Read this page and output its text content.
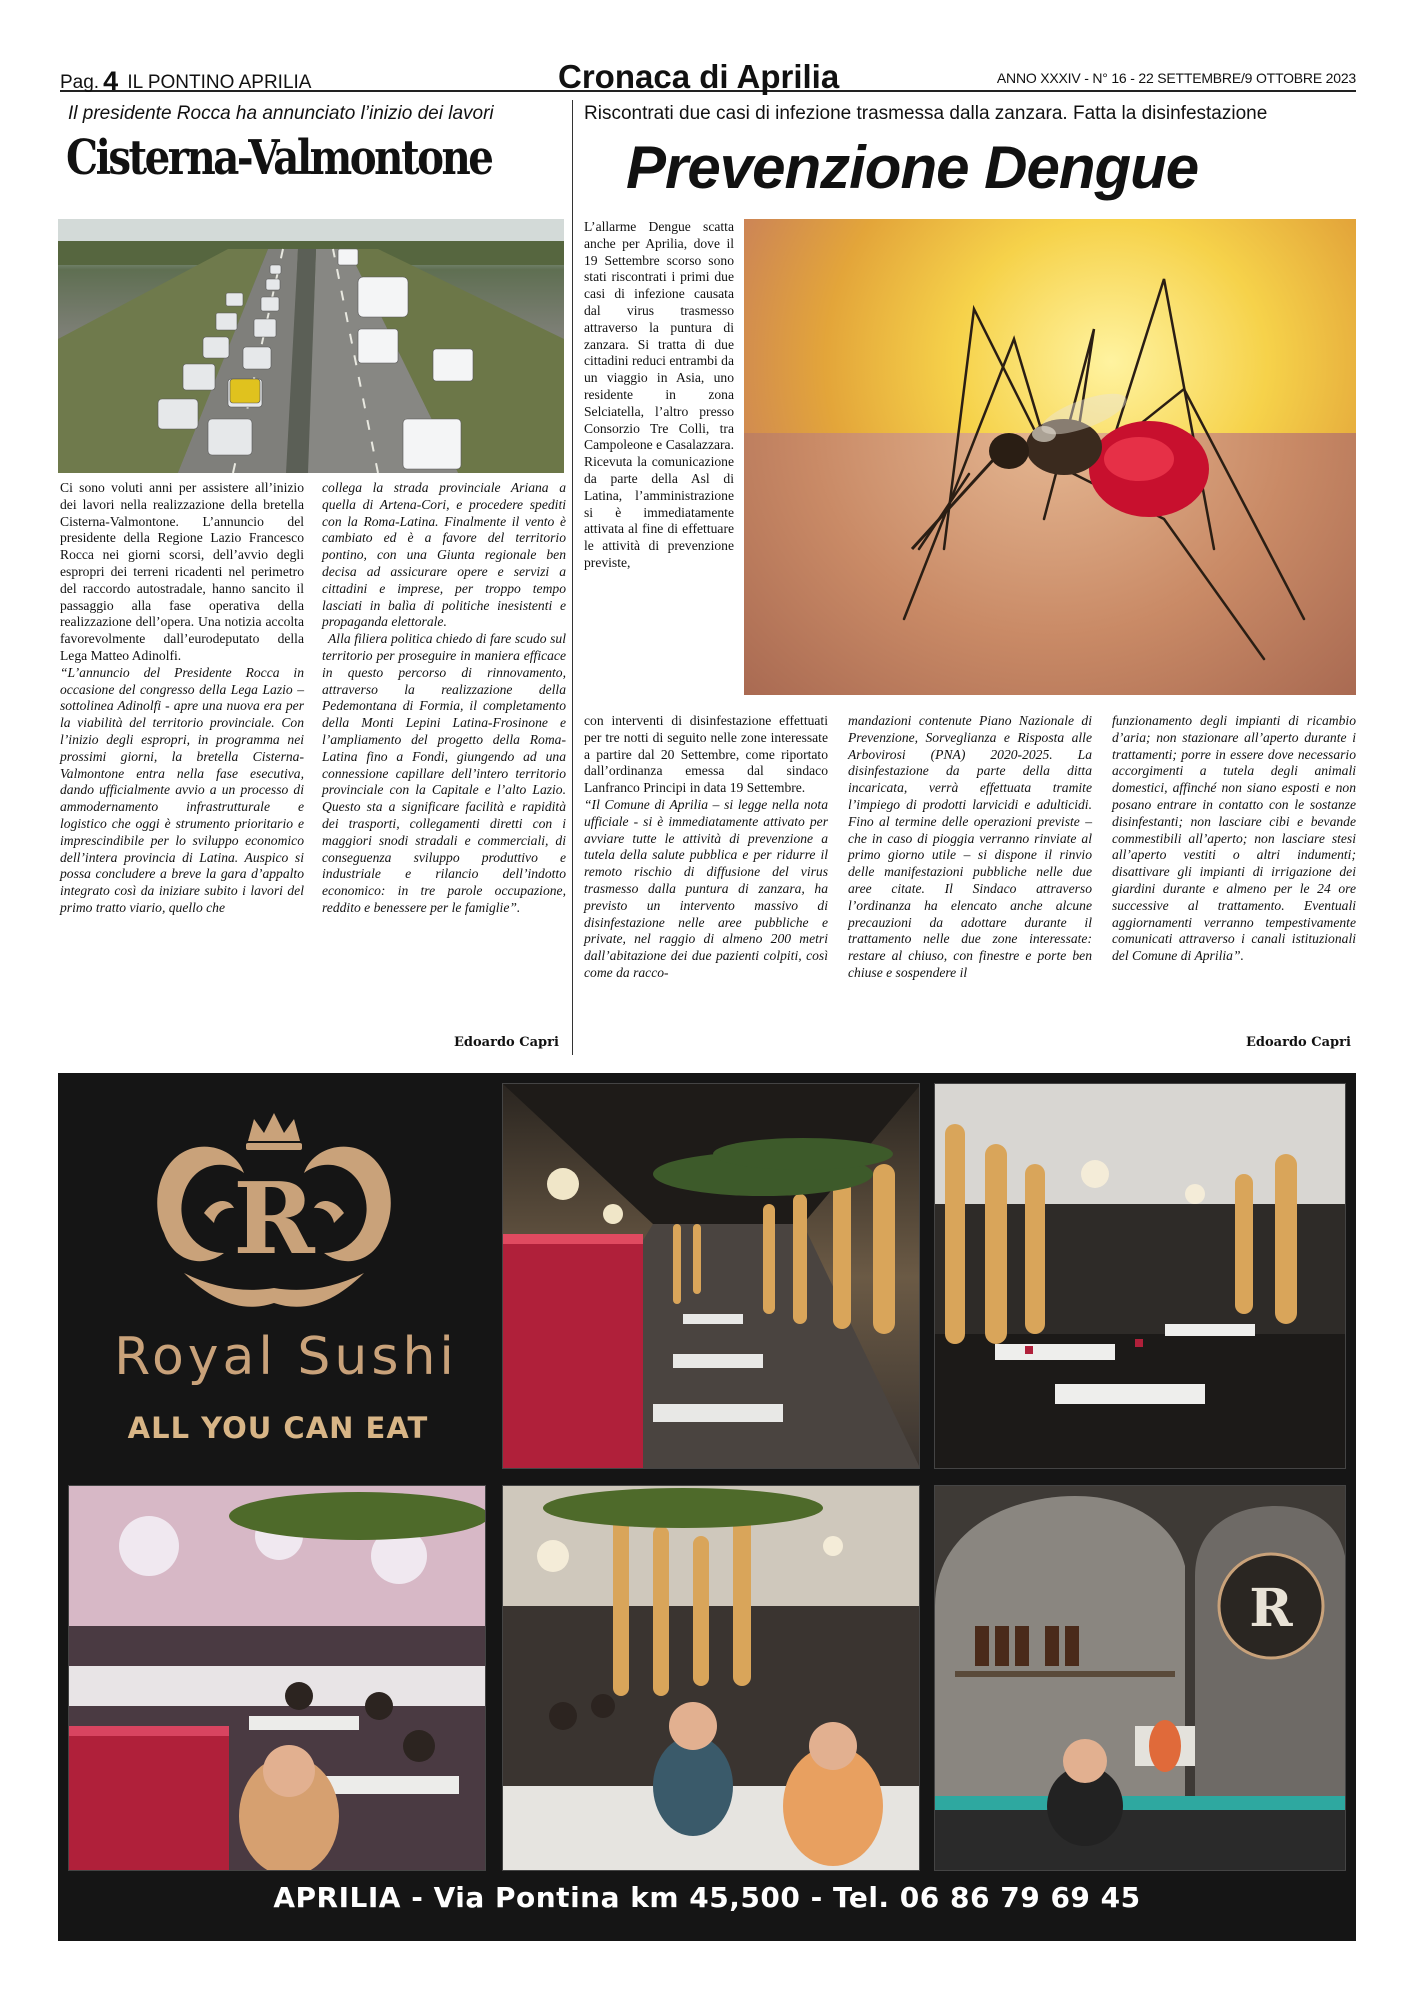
Pag. 4 IL PONTINO APRILIA	Cronaca di Aprilia	ANNO XXXIV - N° 16 - 22 SETTEMBRE/9 OTTOBRE 2023
Il presidente Rocca ha annunciato l’inizio dei lavori
Cisterna-Valmontone

Ci sono voluti anni per assistere all’inizio dei lavori nella realizzazione della bretella Cisterna-Valmontone. L’annuncio del presidente della Regione Lazio Francesco Rocca nei giorni scorsi, dell’avvio degli espropri dei terreni ricadenti nel perimetro del raccordo autostradale, hanno sancito il passaggio alla fase operativa della realizzazione dell’opera. Una notizia accolta favorevolmente dall’eurodeputato della Lega Matteo Adinolfi.

“L’annuncio del Presidente Rocca in occasione del congresso della Lega Lazio – sottolinea Adinolfi - apre una nuova era per la viabilità del territorio provinciale. Con l’inizio degli espropri, in programma nei prossimi giorni, la bretella Cisterna-Valmontone entra nella fase esecutiva, dando ufficialmente avvio a un processo di ammodernamento infrastrutturale e logistico che oggi è strumento prioritario e imprescindibile per lo sviluppo economico dell’intera provincia di Latina. Auspico si possa concludere a breve la gara d’appalto integrato così da iniziare subito i lavori del primo tratto viario, quello che

collega la strada provinciale Ariana a quella di Artena-Cori, e procedere spediti con la Roma-Latina. Finalmente il vento è cambiato ed è a favore del territorio pontino, con una Giunta regionale ben decisa ad assicurare opere e servizi a cittadini e imprese, per troppo tempo lasciati in balìa di politiche inesistenti e propaganda elettorale.

Alla filiera politica chiedo di fare scudo sul territorio per proseguire in maniera efficace in questo percorso di rinnovamento, attraverso la realizzazione della Pedemontana di Formia, il completamento della Monti Lepini Latina-Frosinone e l’ampliamento del progetto della Roma-Latina fino a Fondi, giungendo ad una connessione capillare dell’intero territorio provinciale con la Capitale e l’alto Lazio. Questo sta a significare facilità e rapidità dei trasporti, collegamenti diretti con i maggiori snodi stradali e commerciali, di conseguenza sviluppo produttivo e industriale e rilancio dell’indotto economico: in tre parole occupazione, reddito e benessere per le famiglie”.

Edoardo Capri
Riscontrati due casi di infezione trasmessa dalla zanzara. Fatta la disinfestazione
Prevenzione Dengue

L’allarme Dengue scatta anche per Aprilia, dove il 19 Settembre scorso sono stati riscontrati i primi due casi di infezione causata dal virus trasmesso attraverso la puntura di zanzara. Si tratta di due cittadini reduci entrambi da un viaggio in Asia, uno residente in zona Selciatella, l’altro presso Consorzio Tre Colli, tra Campoleone e Casalazzara. Ricevuta la comunicazione da parte della Asl di Latina, l’amministrazione si è immediatamente attivata al fine di effettuare le attività di prevenzione previste,

con interventi di disinfestazione effettuati per tre notti di seguito nelle zone interessate a partire dal 20 Settembre, come riportato dall’ordinanza emessa dal sindaco Lanfranco Principi in data 19 Settembre.

“Il Comune di Aprilia – si legge nella nota ufficiale - si è immediatamente attivato per avviare tutte le attività di prevenzione a tutela della salute pubblica e per ridurre il remoto rischio di diffusione del virus trasmesso dalla puntura di zanzara, ha previsto un intervento massivo di disinfestazione nelle aree pubbliche e private, nel raggio di almeno 200 metri dall’abitazione dei due pazienti colpiti, così come da racco-

mandazioni contenute Piano Nazionale di Prevenzione, Sorveglianza e Risposta alle Arbovirosi (PNA) 2020-2025. La disinfestazione da parte della ditta incaricata, verrà effettuata tramite l’impiego di prodotti larvicidi e adulticidi. Fino al termine delle operazioni previste – che in caso di pioggia verranno rinviate al primo giorno utile – si dispone il rinvio delle manifestazioni pubbliche nelle due aree citate. Il Sindaco attraverso l’ordinanza ha elencato anche alcune precauzioni da adottare durante il trattamento nelle due zone interessate: restare al chiuso, con finestre e porte ben chiuse e sospendere il

funzionamento degli impianti di ricambio d’aria; non stazionare all’aperto durante i trattamenti; porre in essere dove necessario accorgimenti a tutela degli animali domestici, affinché non siano esposti e non posano entrare in contatto con le sostanze disinfestanti; non lasciare cibi e bevande commestibili all’aperto; non lasciare stesi all’aperto vestiti o altri indumenti; disattivare gli impianti di irrigazione dei giardini durante e almeno per le 24 ore successive al trattamento. Eventuali aggiornamenti verranno tempestivamente comunicati attraverso i canali istituzionali del Comune di Aprilia”.

Edoardo Capri
R
Royal Sushi
ALL YOU CAN EAT
R
APRILIA - Via Pontina km 45,500 - Tel. 06 86 79 69 45
